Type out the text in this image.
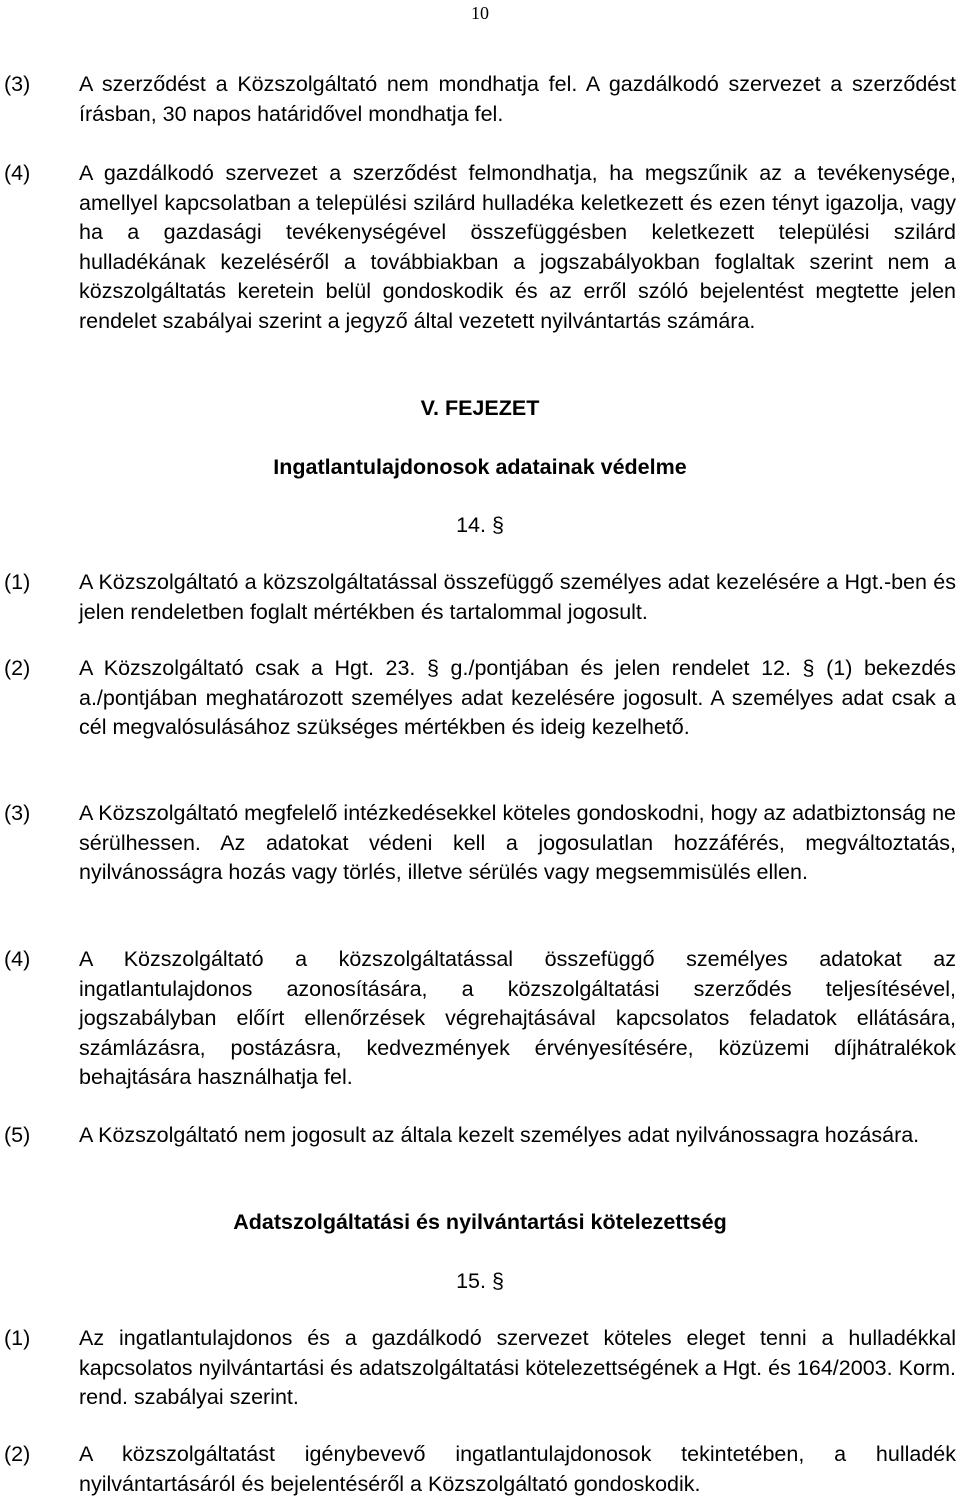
10
(3)	A szerződést a Közszolgáltató nem mondhatja fel. A gazdálkodó szervezet a szerződést írásban, 30 napos határidővel mondhatja fel.
(4)	A gazdálkodó szervezet a szerződést felmondhatja, ha megszűnik az a tevékenysége, amellyel kapcsolatban a települési szilárd hulladéka keletkezett és ezen tényt igazolja, vagy ha a gazdasági tevékenységével összefüggésben keletkezett települési szilárd hulladékának kezeléséről a továbbiakban a jogszabályokban foglaltak szerint nem a közszolgáltatás keretein belül gondoskodik és az erről szóló bejelentést megtette jelen rendelet szabályai szerint a jegyző által vezetett nyilvántartás számára.
V. FEJEZET
Ingatlantulajdonosok adatainak védelme
14. §
(1)	A Közszolgáltató a közszolgáltatással összefüggő személyes adat kezelésére a Hgt.-ben és jelen rendeletben foglalt mértékben és tartalommal jogosult.
(2)	A Közszolgáltató csak a Hgt. 23. § g./pontjában és jelen rendelet 12. § (1) bekezdés a./pontjában meghatározott személyes adat kezelésére jogosult. A személyes adat csak a cél megvalósulásához szükséges mértékben és ideig kezelhető.
(3)	A Közszolgáltató megfelelő intézkedésekkel köteles gondoskodni, hogy az adatbiztonság ne sérülhessen. Az adatokat védeni kell a jogosulatlan hozzáférés, megváltoztatás, nyilvánosságra hozás vagy törlés, illetve sérülés vagy megsemmisülés ellen.
(4)	A Közszolgáltató a közszolgáltatással összefüggő személyes adatokat az ingatlantulajdonos azonosítására, a közszolgáltatási szerződés teljesítésével, jogszabályban előírt ellenőrzések végrehajtásával kapcsolatos feladatok ellátására, számlázásra, postázásra, kedvezmények érvényesítésére, közüzemi díjhátralékok behajtására használhatja fel.
(5)	A Közszolgáltató nem jogosult az általa kezelt személyes adat nyilvánossagra hozására.
Adatszolgáltatási és nyilvántartási kötelezettség
15. §
(1)	Az ingatlantulajdonos és a gazdálkodó szervezet köteles eleget tenni a hulladékkal kapcsolatos nyilvántartási és adatszolgáltatási kötelezettségének a Hgt. és 164/2003. Korm. rend. szabályai szerint.
(2)	A közszolgáltatást igénybevevő ingatlantulajdonosok tekintetében, a hulladék nyilvántartásáról és bejelentéséről a Közszolgáltató gondoskodik.
